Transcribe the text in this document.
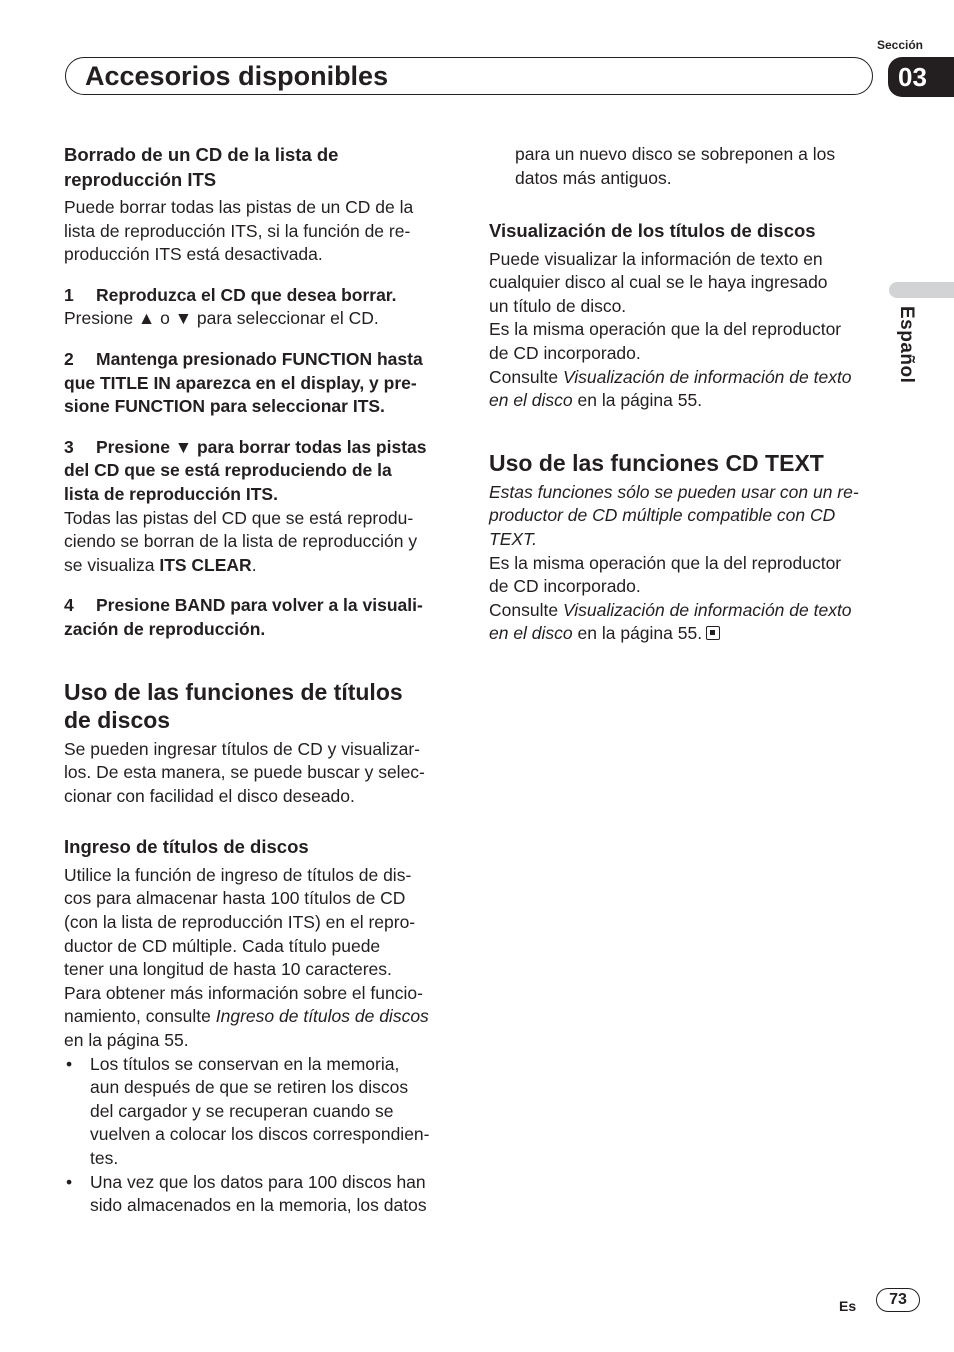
Sección
Accesorios disponibles	03
Español
Borrado de un CD de la lista de
reproducción ITS

Puede borrar todas las pistas de un CD de la

lista de reproducción ITS, si la función de re-

producción ITS está desactivada.

1 Reproduzca el CD que desea borrar.

Presione ▲ o ▼ para seleccionar el CD.

2 Mantenga presionado FUNCTION hasta
que TITLE IN aparezca en el display, y pre-
sione FUNCTION para seleccionar ITS.
3 Presione ▼ para borrar todas las pistas
del CD que se está reproduciendo de la
lista de reproducción ITS.

Todas las pistas del CD que se está reprodu-

ciendo se borran de la lista de reproducción y

se visualiza ITS CLEAR.

4 Presione BAND para volver a la visuali-
zación de reproducción.
Uso de las funciones de títulos
de discos

Se pueden ingresar títulos de CD y visualizar-

los. De esta manera, se puede buscar y selec-

cionar con facilidad el disco deseado.

Ingreso de títulos de discos

Utilice la función de ingreso de títulos de dis-

cos para almacenar hasta 100 títulos de CD

(con la lista de reproducción ITS) en el repro-

ductor de CD múltiple. Cada título puede

tener una longitud de hasta 10 caracteres.

Para obtener más información sobre el funcio-

namiento, consulte Ingreso de títulos de discos

en la página 55.

• Los títulos se conservan en la memoria,

aun después de que se retiren los discos

del cargador y se recuperan cuando se

vuelven a colocar los discos correspondien-

tes.

• Una vez que los datos para 100 discos han

sido almacenados en la memoria, los datos

para un nuevo disco se sobreponen a los

datos más antiguos.

Visualización de los títulos de discos

Puede visualizar la información de texto en

cualquier disco al cual se le haya ingresado

un título de disco.

Es la misma operación que la del reproductor

de CD incorporado.

Consulte Visualización de información de texto

en el disco en la página 55.

Uso de las funciones CD TEXT

Estas funciones sólo se pueden usar con un re-

productor de CD múltiple compatible con CD

TEXT.

Es la misma operación que la del reproductor

de CD incorporado.

Consulte Visualización de información de texto

en el disco en la página 55.

Es	73
